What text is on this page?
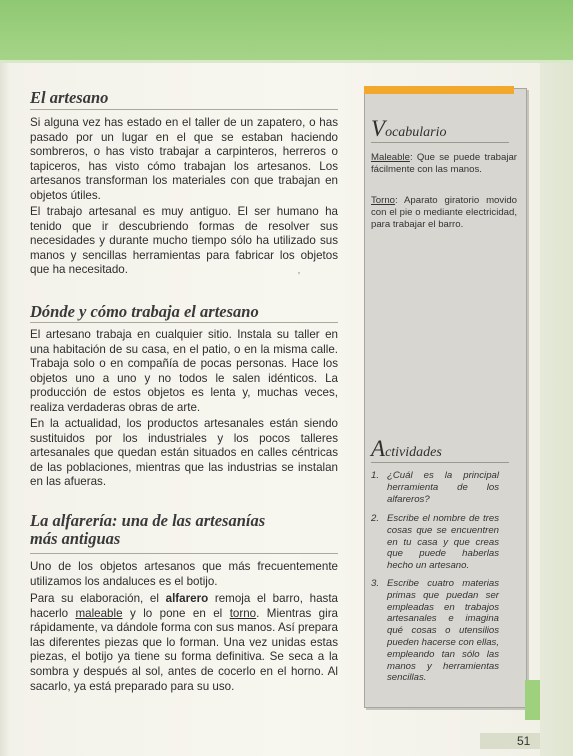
El artesano

Si alguna vez has estado en el taller de un zapatero, o has pasado por un lugar en el que se estaban haciendo sombreros, o has visto trabajar a carpinteros, herreros o tapiceros, has visto cómo trabajan los artesanos. Los artesanos transforman los materiales con que trabajan en objetos útiles.

El trabajo artesanal es muy antiguo. El ser humano ha tenido que ir descubriendo formas de resolver sus necesidades y durante mucho tiempo sólo ha utilizado sus manos y sencillas herramientas para fabricar los objetos que ha necesitado.	ʼ
Dónde y cómo trabaja el artesano

El artesano trabaja en cualquier sitio. Instala su taller en una habitación de su casa, en el patio, o en la misma calle. Trabaja solo o en compañía de pocas personas. Hace los objetos uno a uno y no todos le salen idénticos. La producción de estos objetos es lenta y, muchas veces, realiza verdaderas obras de arte.

En la actualidad, los productos artesanales están siendo sustituidos por los industriales y los pocos talleres artesanales que quedan están situados en calles céntricas de las poblaciones, mientras que las industrias se instalan en las afueras.

La alfarería: una de las artesanías
más antiguas

Uno de los objetos artesanos que más frecuentemente utilizamos los andaluces es el botijo.

Para su elaboración, el alfarero remoja el barro, hasta hacerlo maleable y lo pone en el torno. Mientras gira rápidamente, va dándole forma con sus manos. Así prepara las diferentes piezas que lo forman. Una vez unidas estas piezas, el botijo ya tiene su forma definitiva. Se seca a la sombra y después al sol, antes de cocerlo en el horno. Al sacarlo, ya está preparado para su uso.

Vocabulario

Maleable: Que se puede trabajar fácilmente con las manos.

Torno: Aparato giratorio movido con el pie o mediante electricidad, para trabajar el barro.

Actividades
1. ¿Cuál es la principal herramienta de los alfareros?

2. Escribe el nombre de tres cosas que se encuentren en tu casa y que creas que puede haberlas hecho un artesano.

3. Escribe cuatro materias primas que puedan ser empleadas en trabajos artesanales e imagina qué cosas o utensilios pueden hacerse con ellas, empleando tan sólo las manos y herramientas sencillas.

51
